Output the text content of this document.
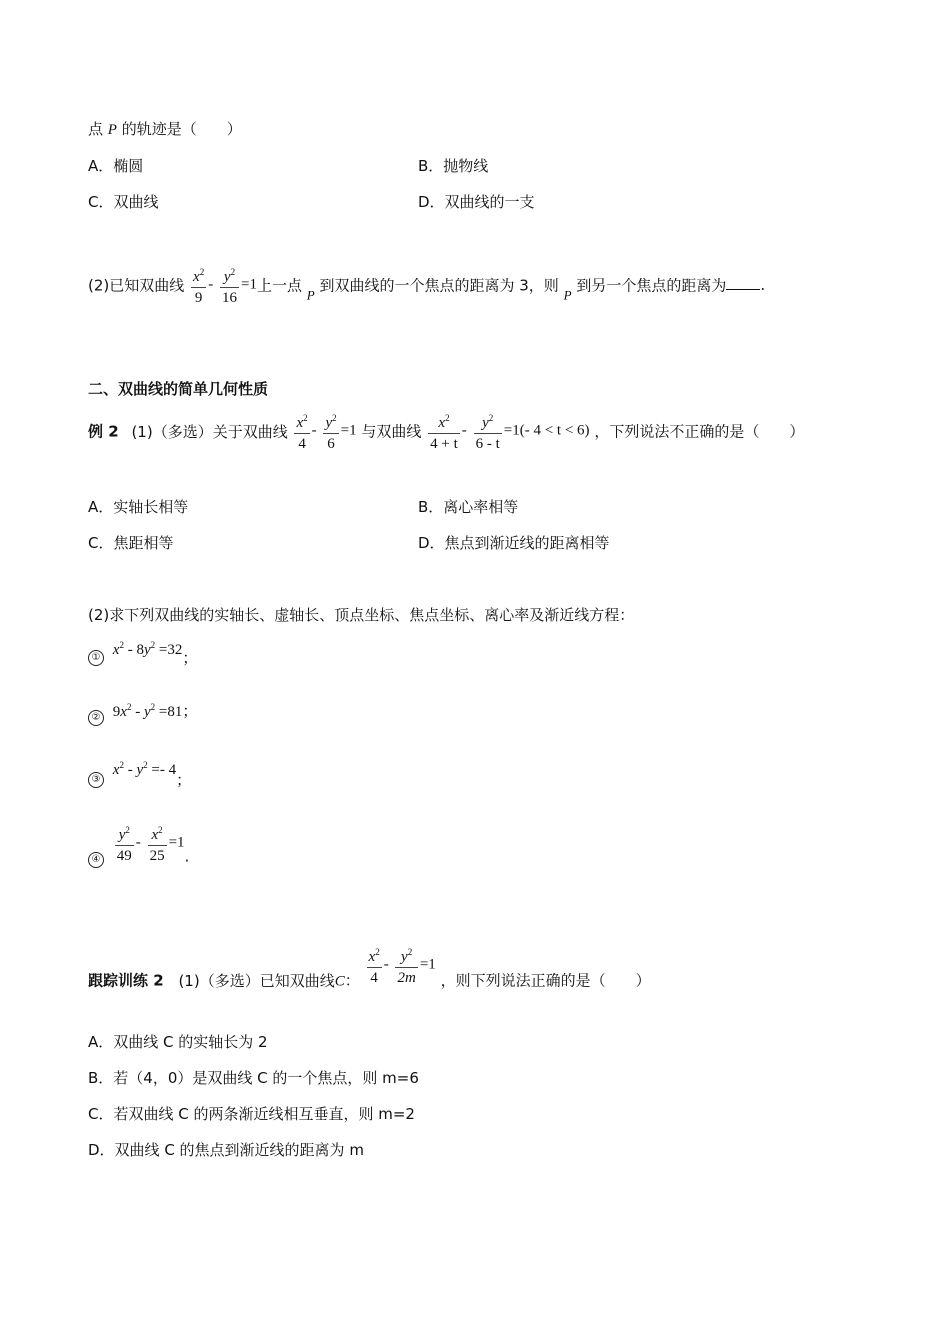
点 P 的轨迹是（　　）
A．椭圆	B．抛物线
C．双曲线	D．双曲线的一支
(2)已知双曲线 $\frac{x^2}{9} - \frac{y^2}{16} =1$上一点 P 到双曲线的一个焦点的距离为 3，则 P 到另一个焦点的距离为 .
二、双曲线的简单几何性质
例 2 (1)（多选）关于双曲线 $\frac{x^2}{4} - \frac{y^2}{6} =1$ 与双曲线 $\frac{x^2}{4 + t} - \frac{y^2}{6 - t} =1(-$ 4 < t < 6) ，下列说法不正确的是（　　）
A．实轴长相等	B．离心率相等
C．焦距相等	D．焦点到渐近线的距离相等
(2)求下列双曲线的实轴长、虚轴长、顶点坐标、焦点坐标、离心率及渐近线方程：
① $x^2 - 8y^2 =32$；
② $9x^2 - y^2 =81$；
③ $x^2 - y^2 =- 4$；
④ $\frac{y^2}{49} - \frac{x^2}{25} =1$.
跟踪训练 2 (1)（多选）已知双曲线C： $\frac{x^2}{4} - \frac{y^2}{2m} =1$ ，则下列说法正确的是（　　）
A．双曲线 C 的实轴长为 2
B．若（4，0）是双曲线 C 的一个焦点，则 m=6
C．若双曲线 C 的两条渐近线相互垂直，则 m=2
D．双曲线 C 的焦点到渐近线的距离为 m
